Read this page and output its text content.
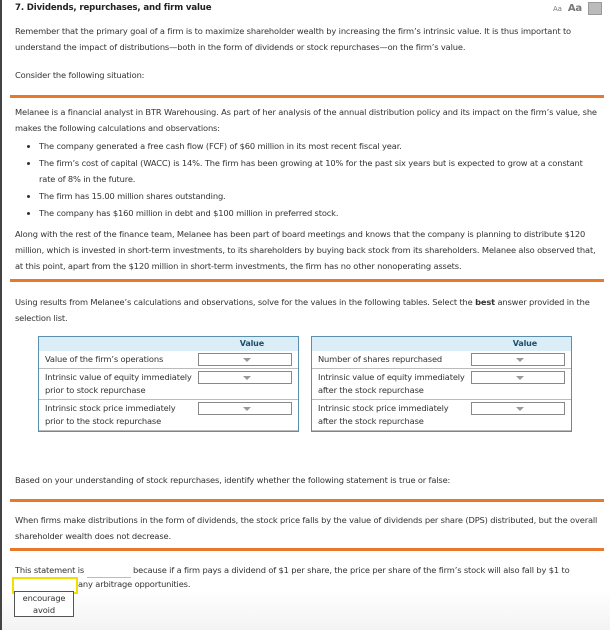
7. Dividends, repurchases, and firm value	Aa Aa

Remember that the primary goal of a firm is to maximize shareholder wealth by increasing the firm’s intrinsic value. It is thus important to understand the impact of distributions—both in the form of dividends or stock repurchases—on the firm’s value.

Consider the following situation:

Melanee is a financial analyst in BTR Warehousing. As part of her analysis of the annual distribution policy and its impact on the firm’s value, she makes the following calculations and observations:

• The company generated a free cash flow (FCF) of $60 million in its most recent fiscal year.
• The firm’s cost of capital (WACC) is 14%. The firm has been growing at 10% for the past six years but is expected to grow at a constant rate of 8% in the future.
• The firm has 15.00 million shares outstanding.
• The company has $160 million in debt and $100 million in preferred stock.

Along with the rest of the finance team, Melanee has been part of board meetings and knows that the company is planning to distribute $120 million, which is invested in short-term investments, to its shareholders by buying back stock from its shareholders. Melanee also observed that, at this point, apart from the $120 million in short-term investments, the firm has no other nonoperating assets.

Using results from Melanee’s calculations and observations, solve for the values in the following tables. Select the best answer provided in the selection list.

Value
Value of the firm’s operations
Intrinsic value of equity immediately prior to stock repurchase
Intrinsic stock price immediately prior to the stock repurchase
Value
Number of shares repurchased
Intrinsic value of equity immediately after the stock repurchase
Intrinsic stock price immediately after the stock repurchase

Based on your understanding of stock repurchases, identify whether the following statement is true or false:

When firms make distributions in the form of dividends, the stock price falls by the value of dividends per share (DPS) distributed, but the overall shareholder wealth does not decrease.

This statement is	because if a firm pays a dividend of $1 per share, the price per share of the firm’s stock will also fall by $1 to

any arbitrage opportunities.

encourage
avoid
